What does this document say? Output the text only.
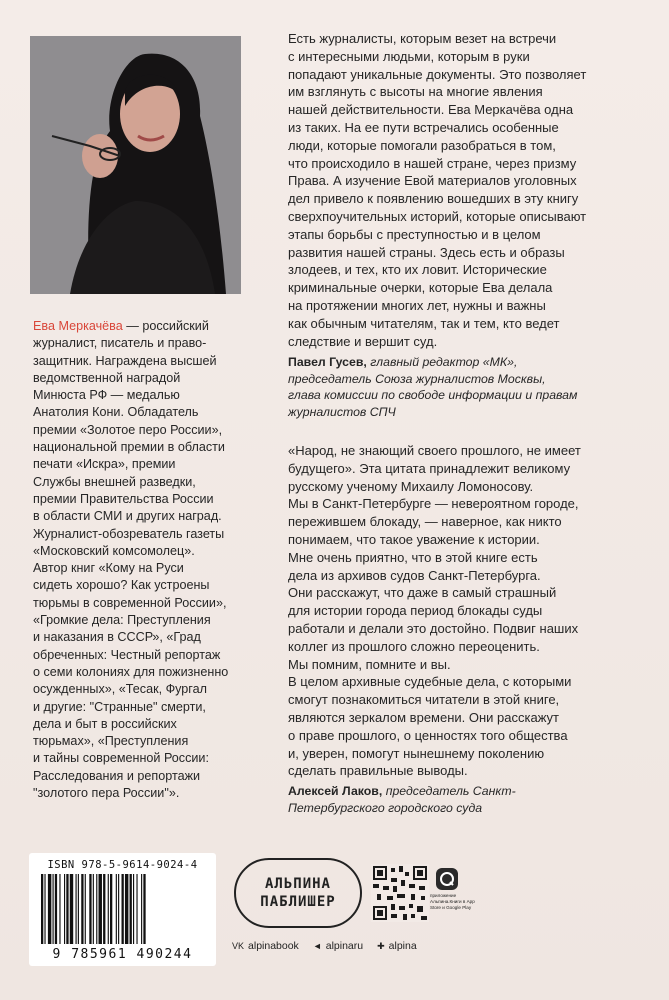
Ева Меркачёва — российский
журналист, писатель и право-
защитник. Награждена высшей
ведомственной наградой
Минюста РФ — медалью
Анатолия Кони. Обладатель
премии «Золотое перо России»,
национальной премии в области
печати «Искра», премии
Службы внешней разведки,
премии Правительства России
в области СМИ и других наград.
Журналист-обозреватель газеты
«Московский комсомолец».
Автор книг «Кому на Руси
сидеть хорошо? Как устроены
тюрьмы в современной России»,
«Громкие дела: Преступления
и наказания в СССР», «Град
обреченных: Честный репортаж
о семи колониях для пожизненно
осужденных», «Тесак, Фургал
и другие: "Странные" смерти,
дела и быт в российских
тюрьмах», «Преступления
и тайны современной России:
Расследования и репортажи
"золотого пера России"».
Есть журналисты, которым везет на встречи
с интересными людьми, которым в руки
попадают уникальные документы. Это позволяет
им взглянуть с высоты на многие явления
нашей действительности. Ева Меркачёва одна
из таких. На ее пути встречались особенные
люди, которые помогали разобраться в том,
что происходило в нашей стране, через призму
Права. А изучение Евой материалов уголовных
дел привело к появлению вошедших в эту книгу
сверхпоучительных историй, которые описывают
этапы борьбы с преступностью и в целом
развития нашей страны. Здесь есть и образы
злодеев, и тех, кто их ловит. Исторические
криминальные очерки, которые Ева делала
на протяжении многих лет, нужны и важны
как обычным читателям, так и тем, кто ведет
следствие и вершит суд.
Павел Гусев, главный редактор «МК»,
председатель Союза журналистов Москвы,
глава комиссии по свободе информации и правам
журналистов СПЧ
«Народ, не знающий своего прошлого, не имеет
будущего». Эта цитата принадлежит великому
русскому ученому Михаилу Ломоносову.
Мы в Санкт-Петербурге — невероятном городе,
пережившем блокаду, — наверное, как никто
понимаем, что такое уважение к истории.
Мне очень приятно, что в этой книге есть
дела из архивов судов Санкт-Петербурга.
Они расскажут, что даже в самый страшный
для истории города период блокады суды
работали и делали это достойно. Подвиг наших
коллег из прошлого сложно переоценить.
Мы помним, помните и вы.
В целом архивные судебные дела, с которыми
смогут познакомиться читатели в этой книге,
являются зеркалом времени. Они расскажут
о праве прошлого, о ценностях того общества
и, уверен, помогут нынешнему поколению
сделать правильные выводы.
Алексей Лаков, председатель Санкт-
Петербургского городского суда
ISBN 978-5-9614-9024-4
9 785961 490244
АЛЬПИНА
ПАБЛИШЕР	приложение Альпина.Книги в App Store и Google Play
VK alpinabook ◄ alpinaru ✚ alpina
